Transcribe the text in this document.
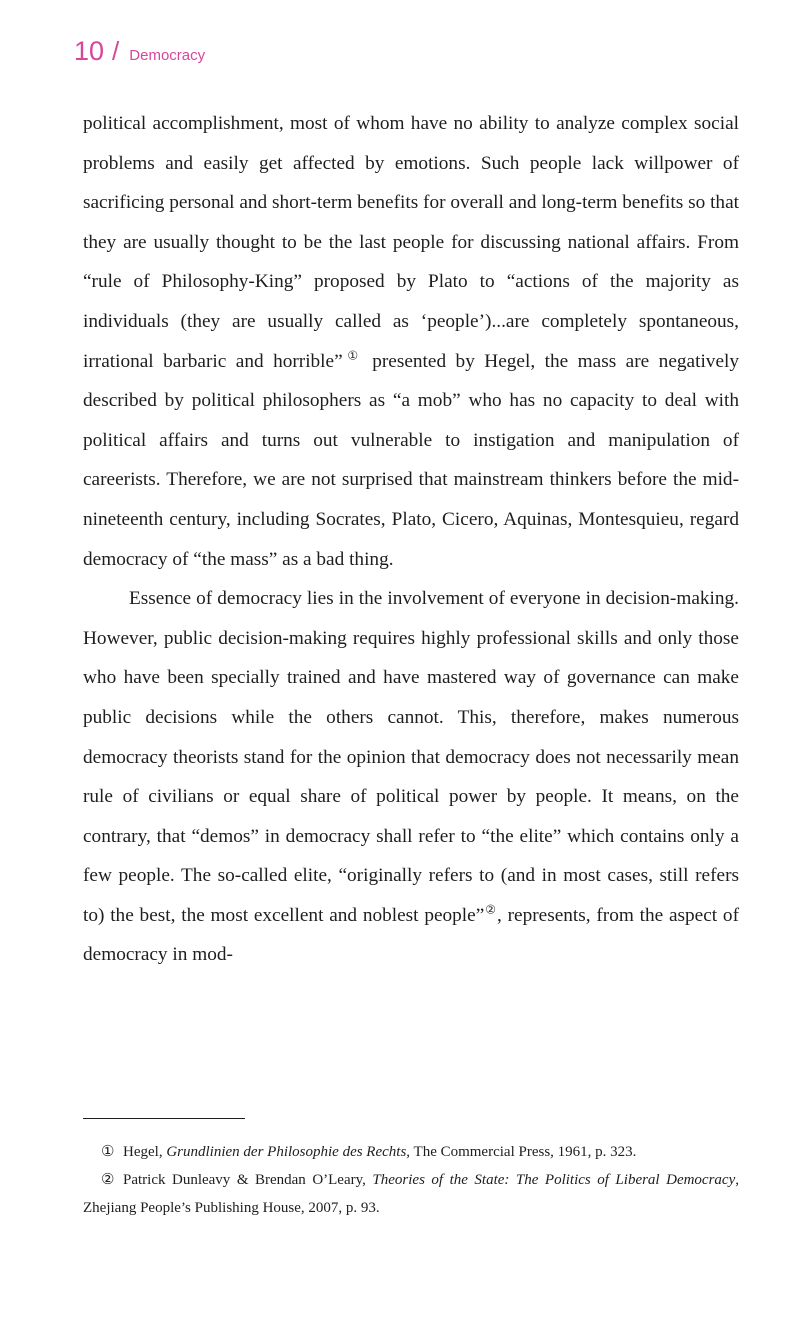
10 / Democracy

political accomplishment, most of whom have no ability to analyze complex social problems and easily get affected by emotions. Such people lack willpower of sacrificing personal and short-term benefits for overall and long-term benefits so that they are usually thought to be the last people for discussing national affairs. From “rule of Philosophy-King” proposed by Plato to “actions of the majority as individuals (they are usually called as ‘people’)...are completely spontaneous, irrational barbaric and horrible”① presented by Hegel, the mass are negatively described by political philosophers as “a mob” who has no capacity to deal with political affairs and turns out vulnerable to instigation and manipulation of careerists. Therefore, we are not surprised that mainstream thinkers before the mid-nineteenth century, including Socrates, Plato, Cicero, Aquinas, Montesquieu, regard democracy of “the mass” as a bad thing.

Essence of democracy lies in the involvement of everyone in decision-making. However, public decision-making requires highly professional skills and only those who have been specially trained and have mastered way of governance can make public decisions while the others cannot. This, therefore, makes numerous democracy theorists stand for the opinion that democracy does not necessarily mean rule of civilians or equal share of political power by people. It means, on the contrary, that “demos” in democracy shall refer to “the elite” which contains only a few people. The so-called elite, “originally refers to (and in most cases, still refers to) the best, the most excellent and noblest people”②, represents, from the aspect of democracy in mod-

① Hegel, Grundlinien der Philosophie des Rechts, The Commercial Press, 1961, p. 323.

② Patrick Dunleavy & Brendan O’Leary, Theories of the State: The Politics of Liberal Democracy, Zhejiang People’s Publishing House, 2007, p. 93.
